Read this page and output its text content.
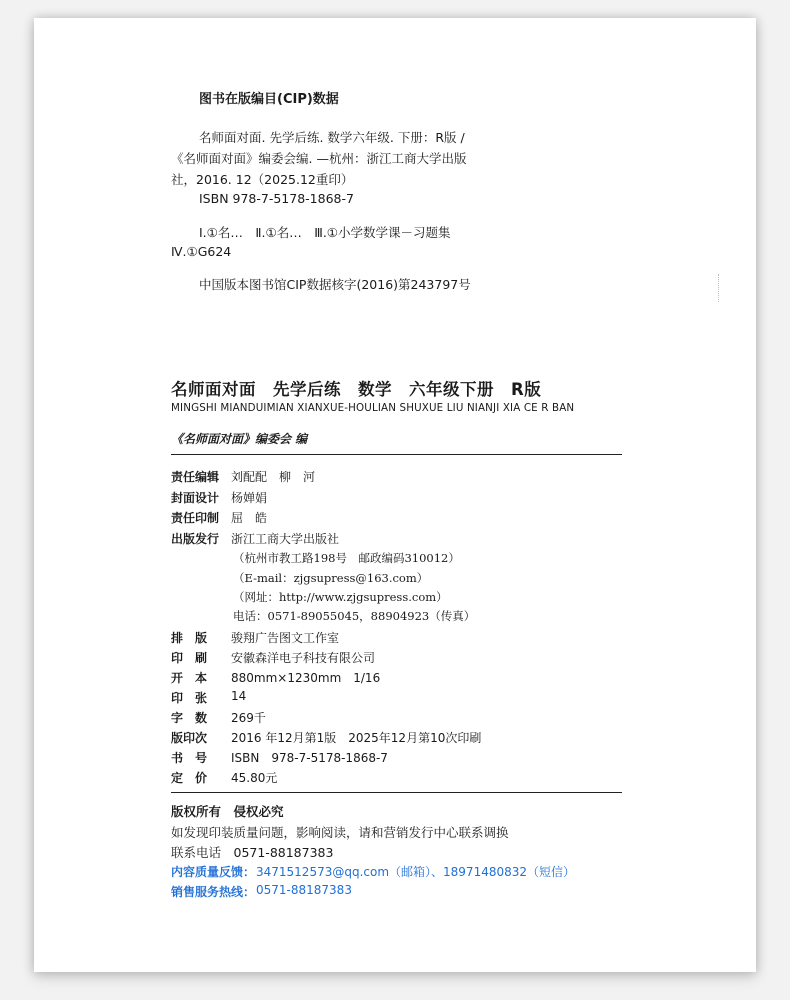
图书在版编目(CIP)数据
名师面对面. 先学后练. 数学六年级. 下册：R版 /
《名师面对面》编委会编. —杭州：浙江工商大学出版
社，2016. 12（2025.12重印）
ISBN 978-7-5178-1868-7
Ⅰ.①名…　Ⅱ.①名…　Ⅲ.①小学数学课－习题集
Ⅳ.①G624
中国版本图书馆CIP数据核字(2016)第243797号
名师面对面　先学后练　数学　六年级下册　R版
MINGSHI MIANDUIMIAN XIANXUE-HOULIAN SHUXUE LIU NIANJI XIA CE R BAN
《名师面对面》编委会 编
责任编辑 刘配配　柳　河
封面设计 杨婵娟
责任印制 屈　皓
出版发行 浙江工商大学出版社
（杭州市教工路198号　邮政编码310012）
（E-mail：zjgsupress@163.com）
（网址：http://www.zjgsupress.com）
电话：0571-89055045，88904923（传真）
排　版	骏翔广告图文工作室
印　刷	安徽森洋电子科技有限公司
开　本	880mm×1230mm　1/16
印　张	14
字　数	269千
版印次	2016 年12月第1版　2025年12月第10次印刷
书　号	ISBN　978-7-5178-1868-7
定　价	45.80元
版权所有　侵权必究
如发现印装质量问题，影响阅读，请和营销发行中心联系调换
联系电话　0571-88187383
内容质量反馈： 3471512573@qq.com（邮箱）、18971480832（短信）
销售服务热线： 0571-88187383
